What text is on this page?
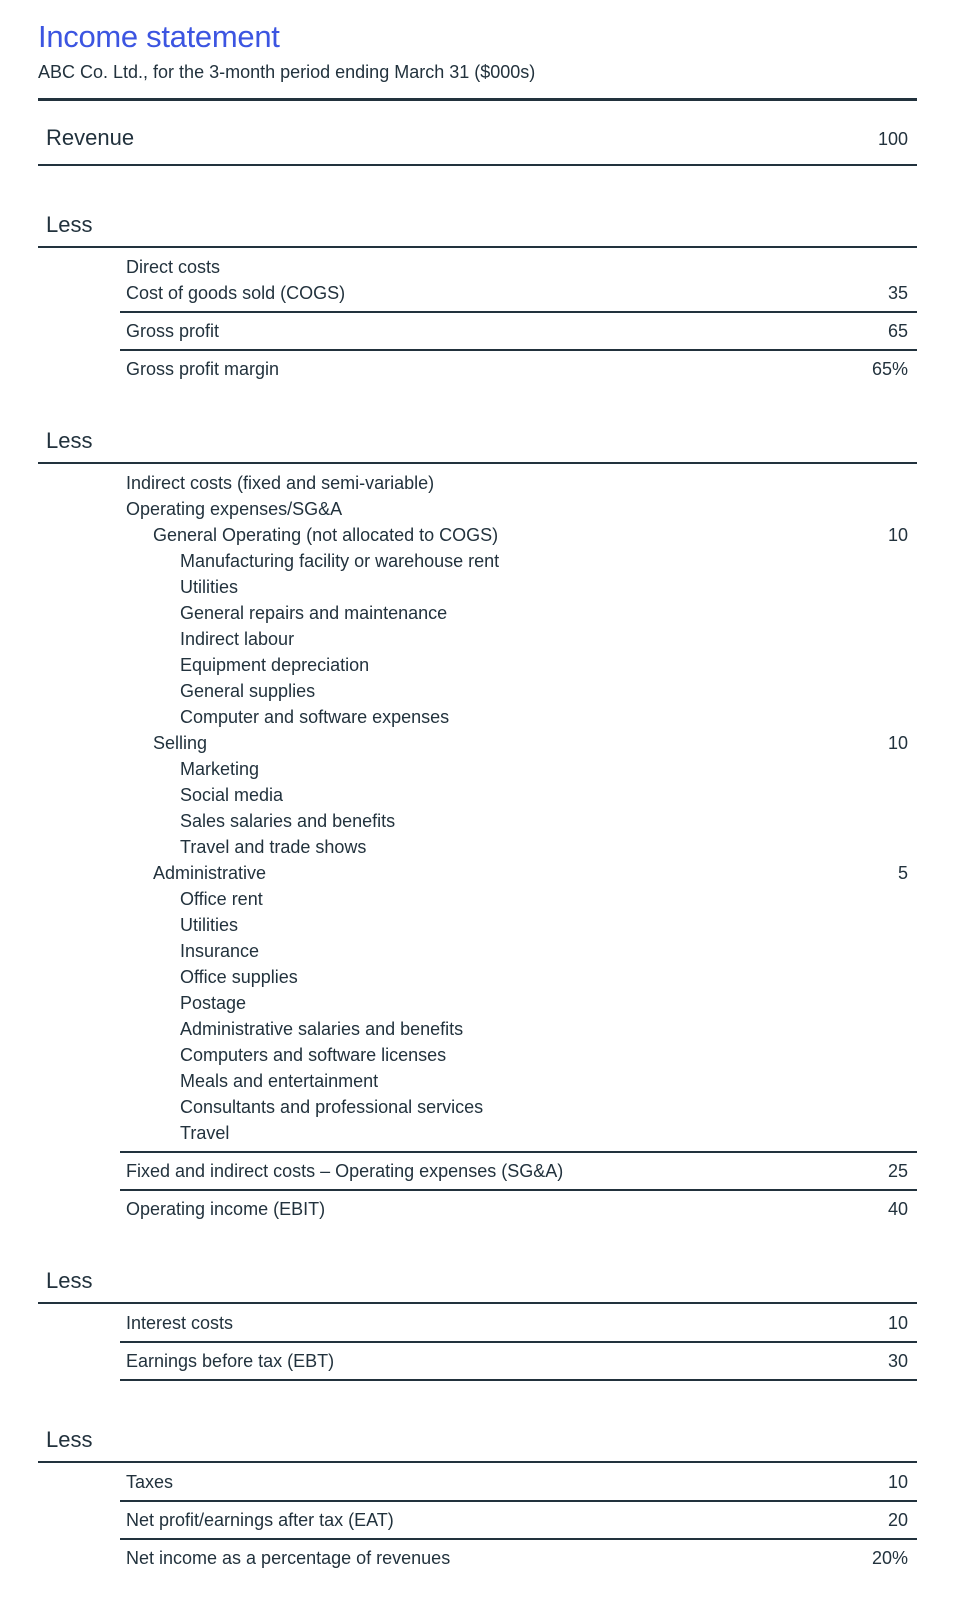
Income statement

ABC Co. Ltd., for the 3-month period ending March 31 ($000s)

Revenue	100
Less
Direct costs
Cost of goods sold (COGS)	35
Gross profit	65
Gross profit margin	65%
Less
Indirect costs (fixed and semi-variable)
Operating expenses/SG&A
General Operating (not allocated to COGS)	10
Manufacturing facility or warehouse rent
Utilities
General repairs and maintenance
Indirect labour
Equipment depreciation
General supplies
Computer and software expenses
Selling	10
Marketing
Social media
Sales salaries and benefits
Travel and trade shows
Administrative	5
Office rent
Utilities
Insurance
Office supplies
Postage
Administrative salaries and benefits
Computers and software licenses
Meals and entertainment
Consultants and professional services
Travel
Fixed and indirect costs – Operating expenses (SG&A)	25
Operating income (EBIT)	40
Less
Interest costs	10
Earnings before tax (EBT)	30
Less
Taxes	10
Net profit/earnings after tax (EAT)	20
Net income as a percentage of revenues	20%
